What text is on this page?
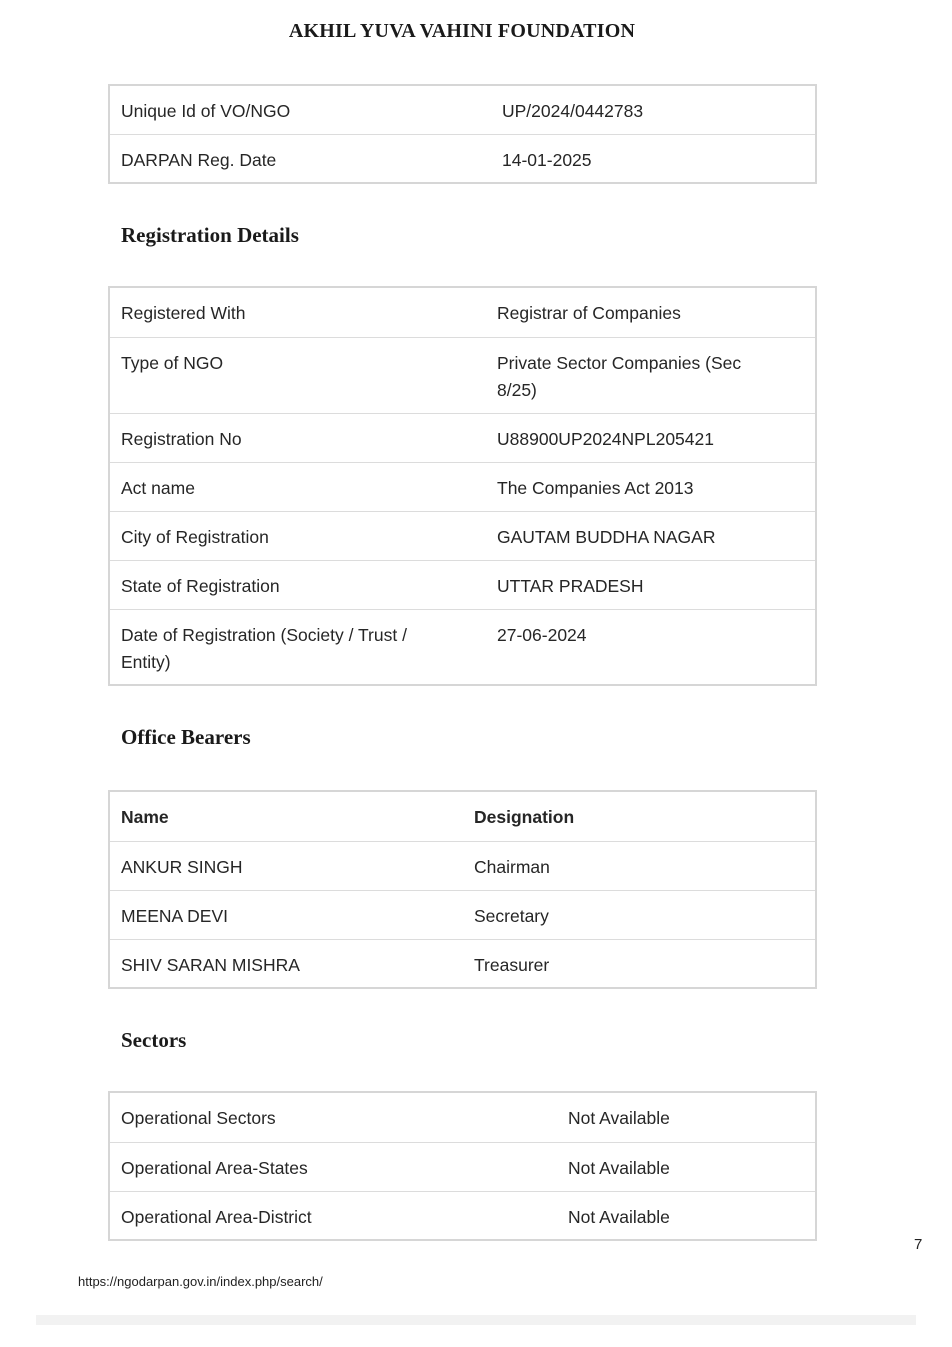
AKHIL YUVA VAHINI FOUNDATION
Unique Id of VO/NGO	UP/2024/0442783
DARPAN Reg. Date	14-01-2025
Registration Details
Registered With	Registrar of Companies
Type of NGO	Private Sector Companies (Sec 8/25)
Registration No	U88900UP2024NPL205421
Act name	The Companies Act 2013
City of Registration	GAUTAM BUDDHA NAGAR
State of Registration	UTTAR PRADESH
Date of Registration (Society / Trust / Entity)	27-06-2024
Office Bearers
Name	Designation
ANKUR SINGH	Chairman
MEENA DEVI	Secretary
SHIV SARAN MISHRA	Treasurer
Sectors
Operational Sectors	Not Available
Operational Area-States	Not Available
Operational Area-District	Not Available
7
https://ngodarpan.gov.in/index.php/search/
